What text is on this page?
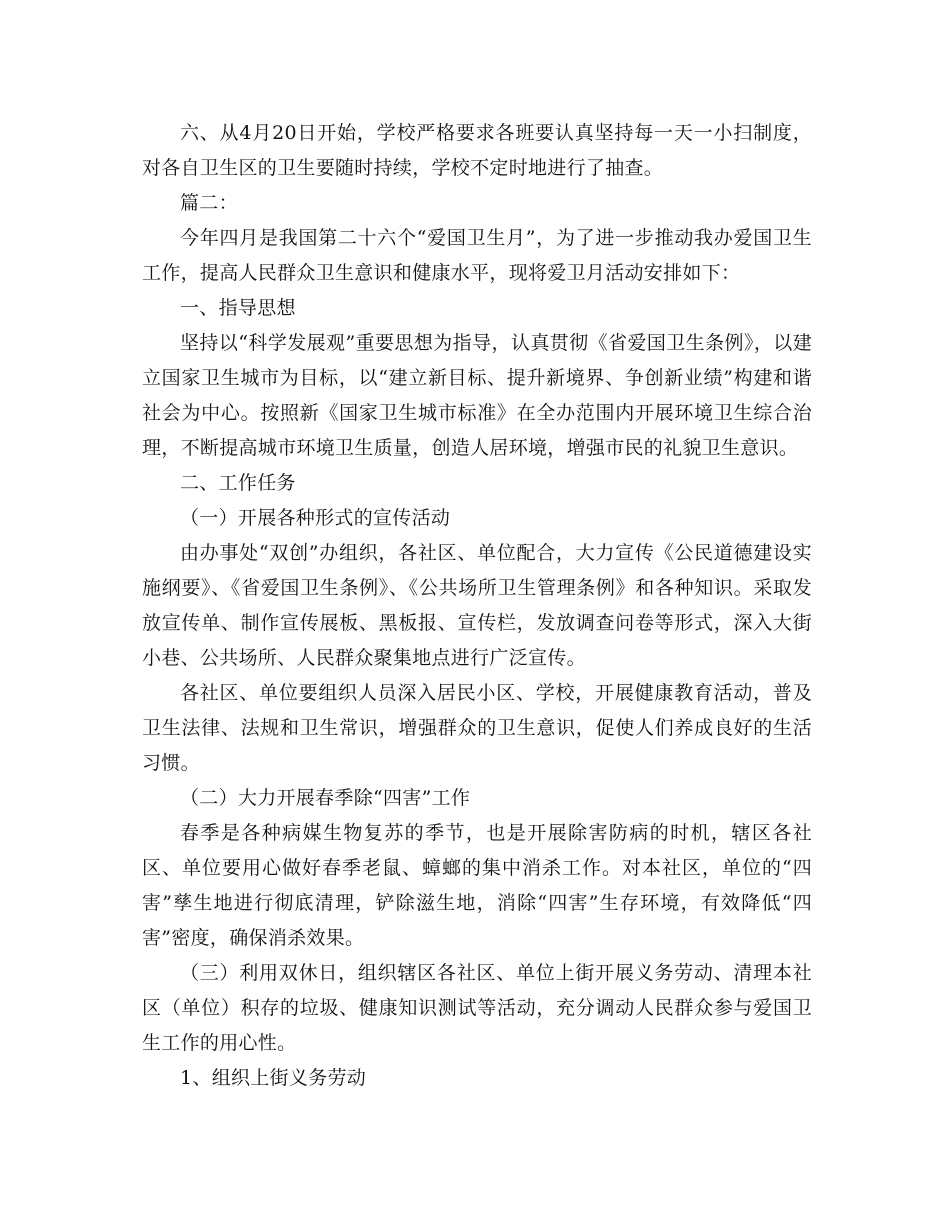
六、从4月20日开始，学校严格要求各班要认真坚持每一天一小扫制度，对各自卫生区的卫生要随时持续，学校不定时地进行了抽查。

篇二：

今年四月是我国第二十六个“爱国卫生月”，为了进一步推动我办爱国卫生工作，提高人民群众卫生意识和健康水平，现将爱卫月活动安排如下：

一、指导思想

坚持以“科学发展观”重要思想为指导，认真贯彻《省爱国卫生条例》，以建立国家卫生城市为目标，以“建立新目标、提升新境界、争创新业绩”构建和谐社会为中心。按照新《国家卫生城市标准》在全办范围内开展环境卫生综合治理，不断提高城市环境卫生质量，创造人居环境，增强市民的礼貌卫生意识。

二、工作任务

（一）开展各种形式的宣传活动

由办事处“双创”办组织，各社区、单位配合，大力宣传《公民道德建设实施纲要》、《省爱国卫生条例》、《公共场所卫生管理条例》和各种知识。采取发放宣传单、制作宣传展板、黑板报、宣传栏，发放调查问卷等形式，深入大街小巷、公共场所、人民群众聚集地点进行广泛宣传。

各社区、单位要组织人员深入居民小区、学校，开展健康教育活动，普及卫生法律、法规和卫生常识，增强群众的卫生意识，促使人们养成良好的生活习惯。

（二）大力开展春季除“四害”工作

春季是各种病媒生物复苏的季节，也是开展除害防病的时机，辖区各社区、单位要用心做好春季老鼠、蟑螂的集中消杀工作。对本社区，单位的“四害”孳生地进行彻底清理，铲除滋生地，消除“四害”生存环境，有效降低“四害”密度，确保消杀效果。

（三）利用双休日，组织辖区各社区、单位上街开展义务劳动、清理本社区（单位）积存的垃圾、健康知识测试等活动，充分调动人民群众参与爱国卫生工作的用心性。

1、组织上街义务劳动
